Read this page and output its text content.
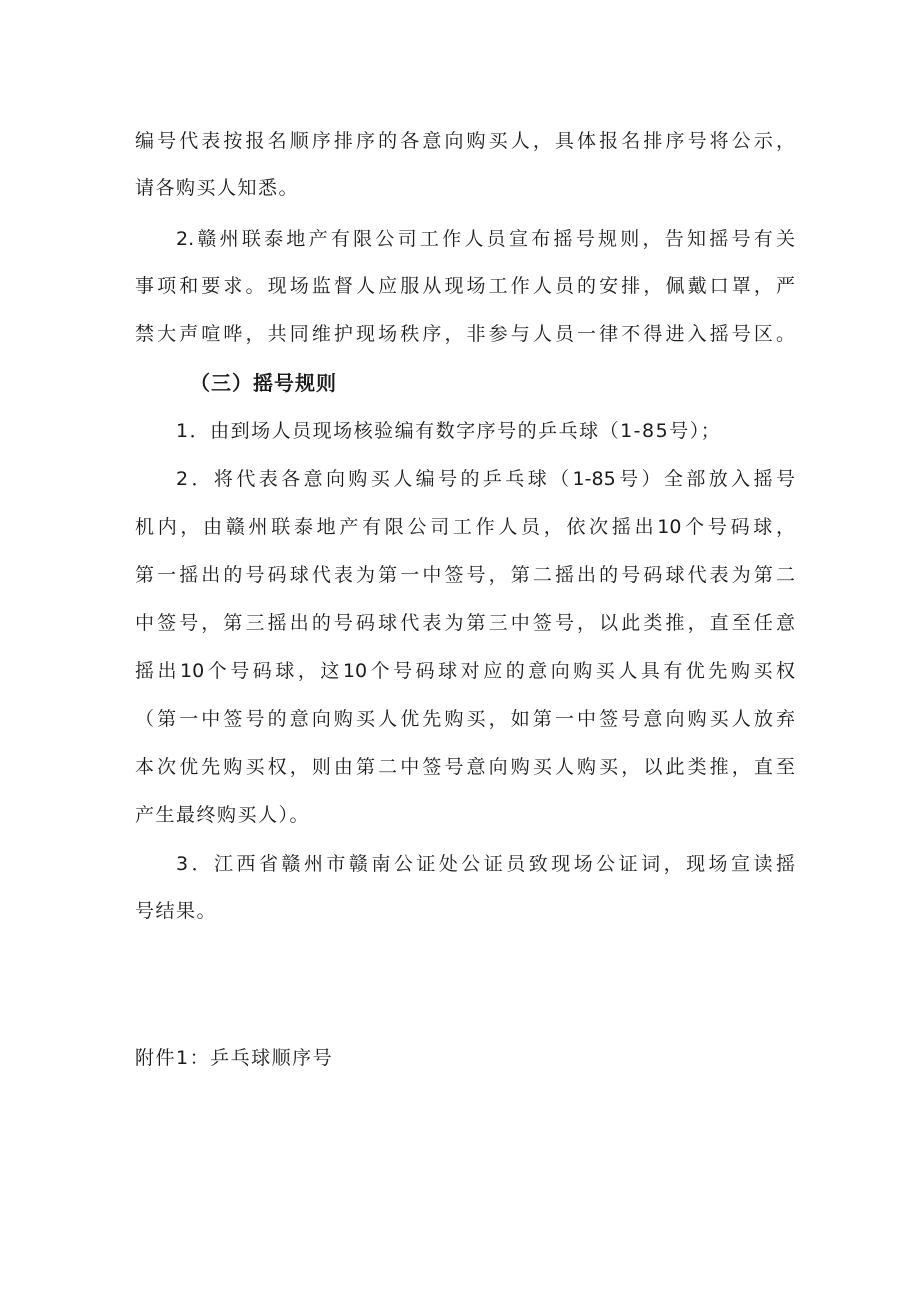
编号代表按报名顺序排序的各意向购买人，具体报名排序号将公示，
请各购买人知悉。
2.赣州联泰地产有限公司工作人员宣布摇号规则，告知摇号有关
事项和要求。现场监督人应服从现场工作人员的安排，佩戴口罩，严
禁大声喧哗，共同维护现场秩序，非参与人员一律不得进入摇号区。
（三）摇号规则
1．由到场人员现场核验编有数字序号的乒乓球（1-85号）；
2．将代表各意向购买人编号的乒乓球（1-85号）全部放入摇号
机内，由赣州联泰地产有限公司工作人员，依次摇出10个号码球，
第一摇出的号码球代表为第一中签号，第二摇出的号码球代表为第二
中签号，第三摇出的号码球代表为第三中签号，以此类推，直至任意
摇出10个号码球，这10个号码球对应的意向购买人具有优先购买权
（第一中签号的意向购买人优先购买，如第一中签号意向购买人放弃
本次优先购买权，则由第二中签号意向购买人购买，以此类推，直至
产生最终购买人）。
3．江西省赣州市赣南公证处公证员致现场公证词，现场宣读摇
号结果。
附件1：乒乓球顺序号
